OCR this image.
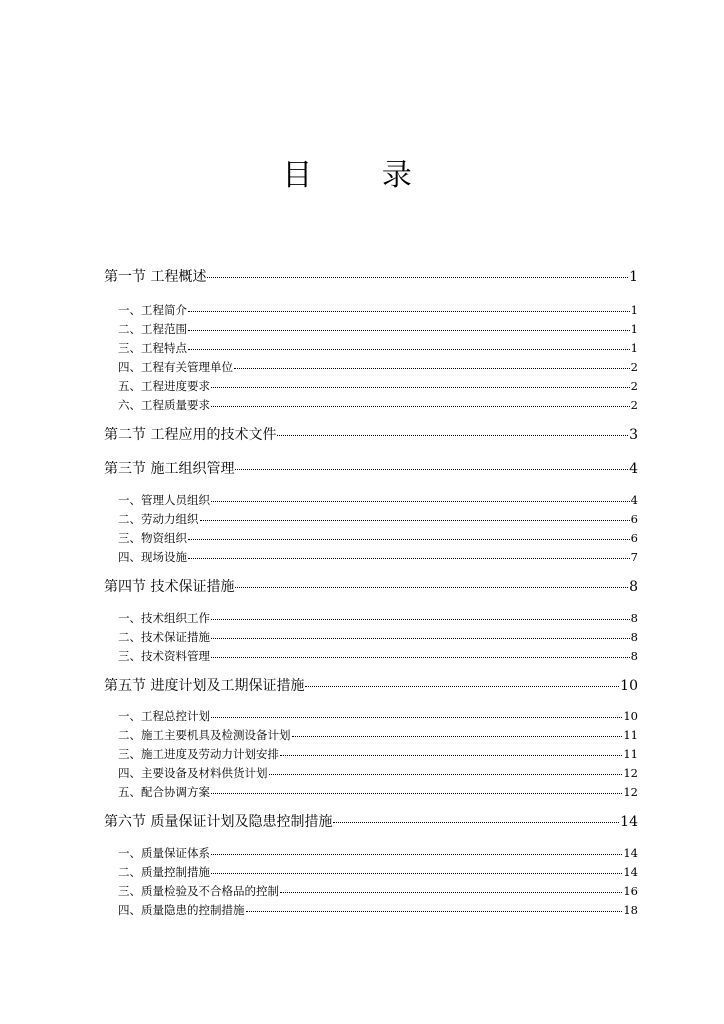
目 录
第一节 工程概述	1
一、工程简介	1
二、工程范围	1
三、工程特点	1
四、工程有关管理单位	2
五、工程进度要求	2
六、工程质量要求	2
第二节 工程应用的技术文件	3
第三节 施工组织管理	4
一、管理人员组织	4
二、劳动力组织	6
三、物资组织	6
四、现场设施	7
第四节 技术保证措施	8
一、技术组织工作	8
二、技术保证措施	8
三、技术资料管理	8
第五节 进度计划及工期保证措施	10
一、工程总控计划	10
二、施工主要机具及检测设备计划	11
三、施工进度及劳动力计划安排	11
四、主要设备及材料供货计划	12
五、配合协调方案	12
第六节 质量保证计划及隐患控制措施	14
一、质量保证体系	14
二、质量控制措施	14
三、质量检验及不合格品的控制	16
四、质量隐患的控制措施	18
